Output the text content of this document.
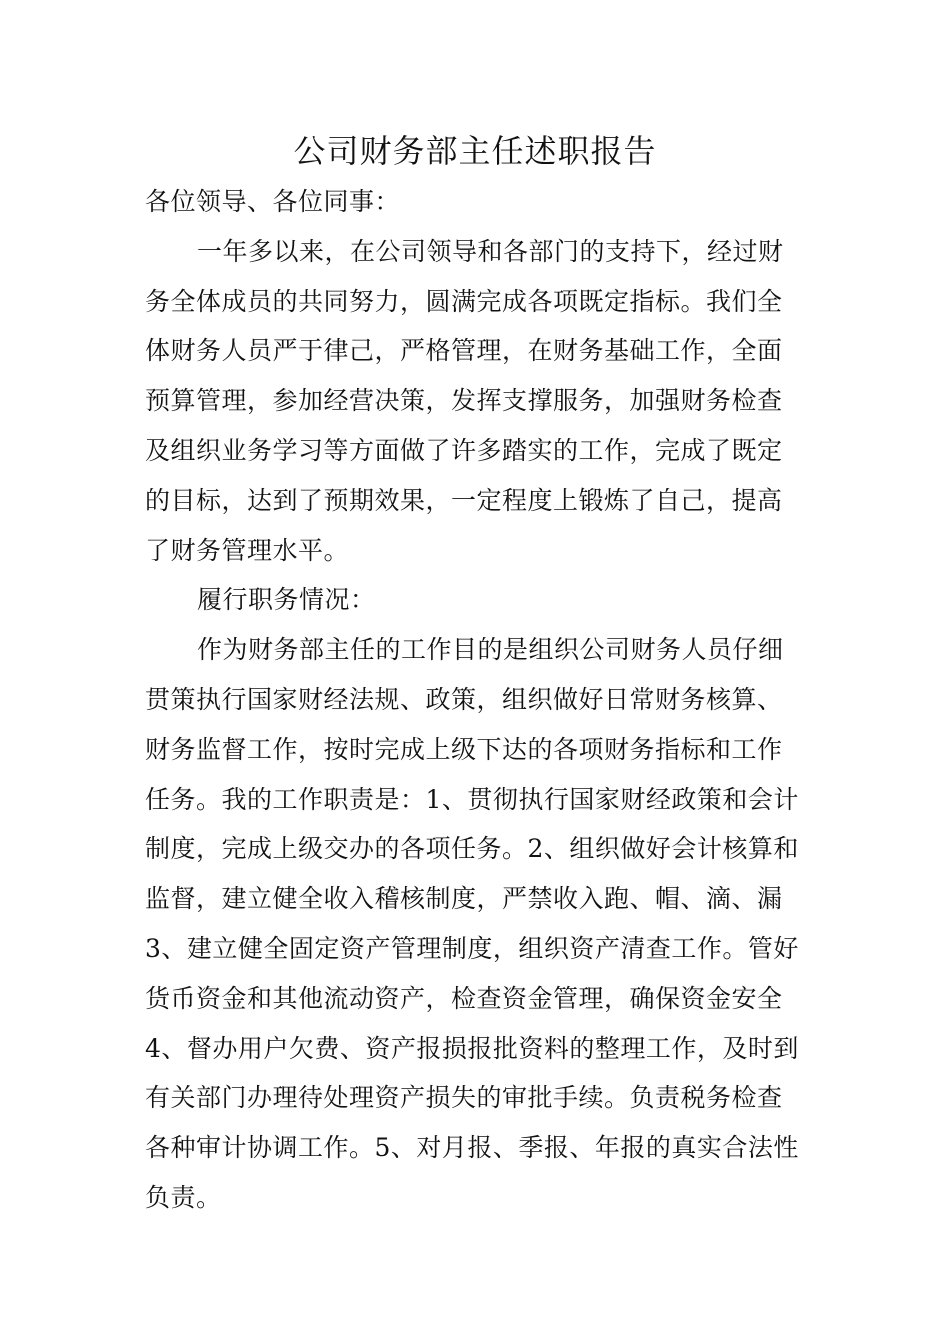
公司财务部主任述职报告
各位领导、各位同事：
一年多以来，在公司领导和各部门的支持下，经过财
务全体成员的共同努力，圆满完成各项既定指标。我们全
体财务人员严于律己，严格管理，在财务基础工作，全面
预算管理，参加经营决策，发挥支撑服务，加强财务检查
及组织业务学习等方面做了许多踏实的工作，完成了既定
的目标，达到了预期效果，一定程度上锻炼了自己，提高
了财务管理水平。
履行职务情况：
作为财务部主任的工作目的是组织公司财务人员仔细
贯策执行国家财经法规、政策，组织做好日常财务核算、
财务监督工作，按时完成上级下达的各项财务指标和工作
任务。我的工作职责是：1、贯彻执行国家财经政策和会计
制度，完成上级交办的各项任务。2、组织做好会计核算和
监督，建立健全收入稽核制度，严禁收入跑、帽、滴、漏
3、建立健全固定资产管理制度，组织资产清查工作。管好
货币资金和其他流动资产，检查资金管理，确保资金安全
4、督办用户欠费、资产报损报批资料的整理工作，及时到
有关部门办理待处理资产损失的审批手续。负责税务检查
各种审计协调工作。5、对月报、季报、年报的真实合法性
负责。
